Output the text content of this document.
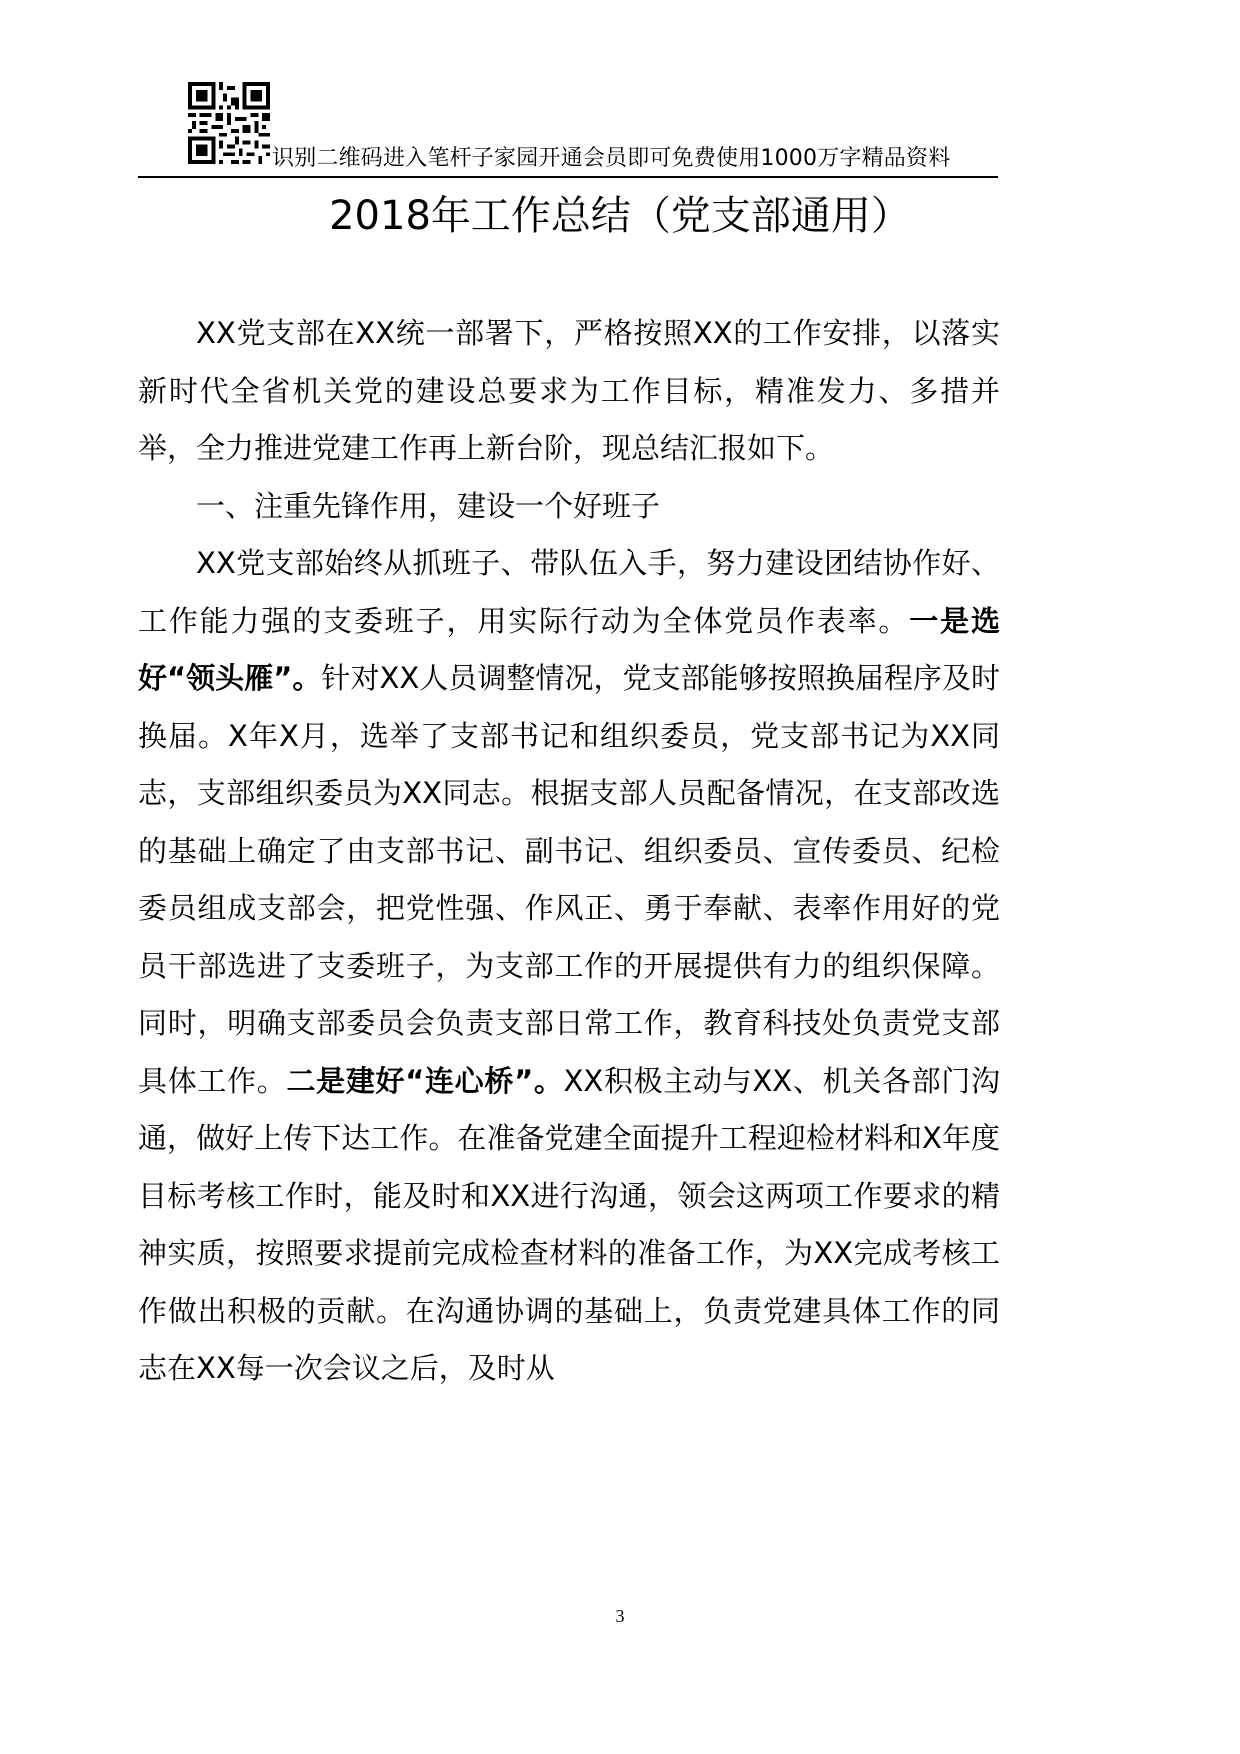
识别二维码进入笔杆子家园开通会员即可免费使用1000万字精品资料
2018年工作总结（党支部通用）

XX党支部在XX统一部署下，严格按照XX的工作安排，以落实新时代全省机关党的建设总要求为工作目标，精准发力、多措并举，全力推进党建工作再上新台阶，现总结汇报如下。

一、注重先锋作用，建设一个好班子

XX党支部始终从抓班子、带队伍入手，努力建设团结协作好、工作能力强的支委班子，用实际行动为全体党员作表率。一是选好“领头雁”。针对XX人员调整情况，党支部能够按照换届程序及时换届。X年X月，选举了支部书记和组织委员，党支部书记为XX同志，支部组织委员为XX同志。根据支部人员配备情况，在支部改选的基础上确定了由支部书记、副书记、组织委员、宣传委员、纪检委员组成支部会，把党性强、作风正、勇于奉献、表率作用好的党员干部选进了支委班子，为支部工作的开展提供有力的组织保障。同时，明确支部委员会负责支部日常工作，教育科技处负责党支部具体工作。二是建好“连心桥”。XX积极主动与XX、机关各部门沟通，做好上传下达工作。在准备党建全面提升工程迎检材料和X年度目标考核工作时，能及时和XX进行沟通，领会这两项工作要求的精神实质，按照要求提前完成检查材料的准备工作，为XX完成考核工作做出积极的贡献。在沟通协调的基础上，负责党建具体工作的同志在XX每一次会议之后，及时从

3
